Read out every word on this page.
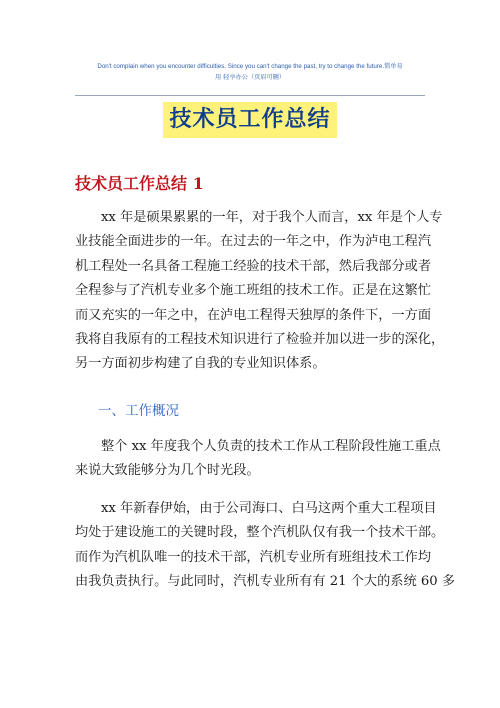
Don't complain when you encounter difficulties. Since you can't change the past, try to change the future.简单易
用 轻享办公（页眉可删）
技术员工作总结
技术员工作总结 1
xx 年是硕果累累的一年，对于我个人而言，xx 年是个人专
业技能全面进步的一年。在过去的一年之中，作为泸电工程汽
机工程处一名具备工程施工经验的技术干部，然后我部分或者
全程参与了汽机专业多个施工班组的技术工作。正是在这繁忙
而又充实的一年之中，在泸电工程得天独厚的条件下，一方面
我将自我原有的工程技术知识进行了检验并加以进一步的深化，
另一方面初步构建了自我的专业知识体系。
一、工作概况
整个 xx 年度我个人负责的技术工作从工程阶段性施工重点
来说大致能够分为几个时光段。
xx 年新春伊始，由于公司海口、白马这两个重大工程项目
均处于建设施工的关键时段，整个汽机队仅有我一个技术干部。
而作为汽机队唯一的技术干部，汽机专业所有班组技术工作均
由我负责执行。与此同时，汽机专业所有有 21 个大的系统 60 多
